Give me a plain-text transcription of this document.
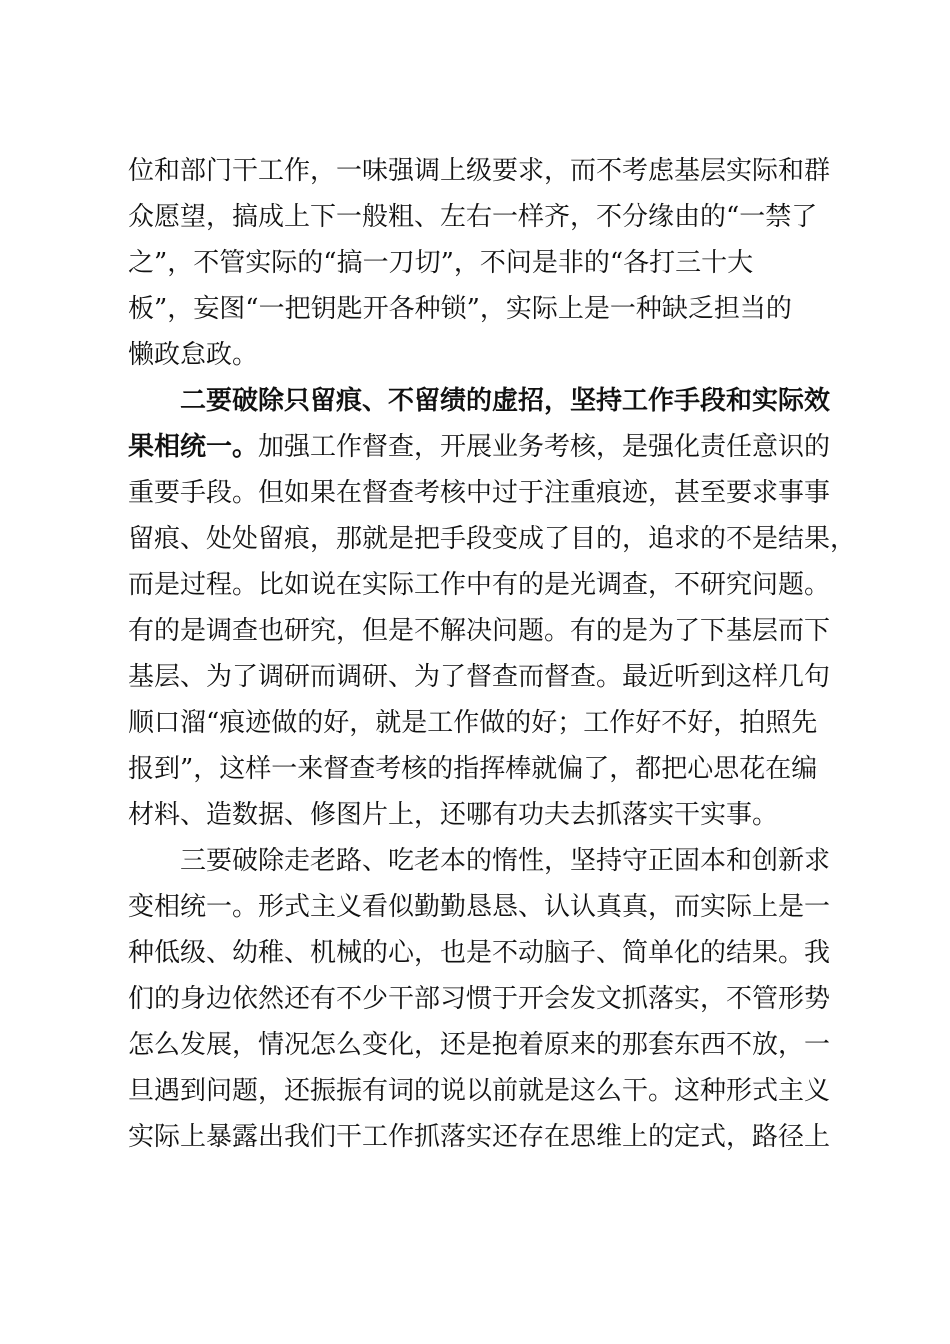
位和部门干工作，一味强调上级要求，而不考虑基层实际和群
众愿望，搞成上下一般粗、左右一样齐，不分缘由的“一禁了
之”，不管实际的“搞一刀切”，不问是非的“各打三十大
板”，妄图“一把钥匙开各种锁”，实际上是一种缺乏担当的
懒政怠政。
二要破除只留痕、不留绩的虚招，坚持工作手段和实际效
果相统一。加强工作督查，开展业务考核，是强化责任意识的
重要手段。但如果在督查考核中过于注重痕迹，甚至要求事事
留痕、处处留痕，那就是把手段变成了目的，追求的不是结果，
而是过程。比如说在实际工作中有的是光调查，不研究问题。
有的是调查也研究，但是不解决问题。有的是为了下基层而下
基层、为了调研而调研、为了督查而督查。最近听到这样几句
顺口溜“痕迹做的好，就是工作做的好；工作好不好，拍照先
报到”，这样一来督查考核的指挥棒就偏了，都把心思花在编
材料、造数据、修图片上，还哪有功夫去抓落实干实事。
三要破除走老路、吃老本的惰性，坚持守正固本和创新求
变相统一。形式主义看似勤勤恳恳、认认真真，而实际上是一
种低级、幼稚、机械的心，也是不动脑子、简单化的结果。我
们的身边依然还有不少干部习惯于开会发文抓落实，不管形势
怎么发展，情况怎么变化，还是抱着原来的那套东西不放，一
旦遇到问题，还振振有词的说以前就是这么干。这种形式主义
实际上暴露出我们干工作抓落实还存在思维上的定式，路径上
